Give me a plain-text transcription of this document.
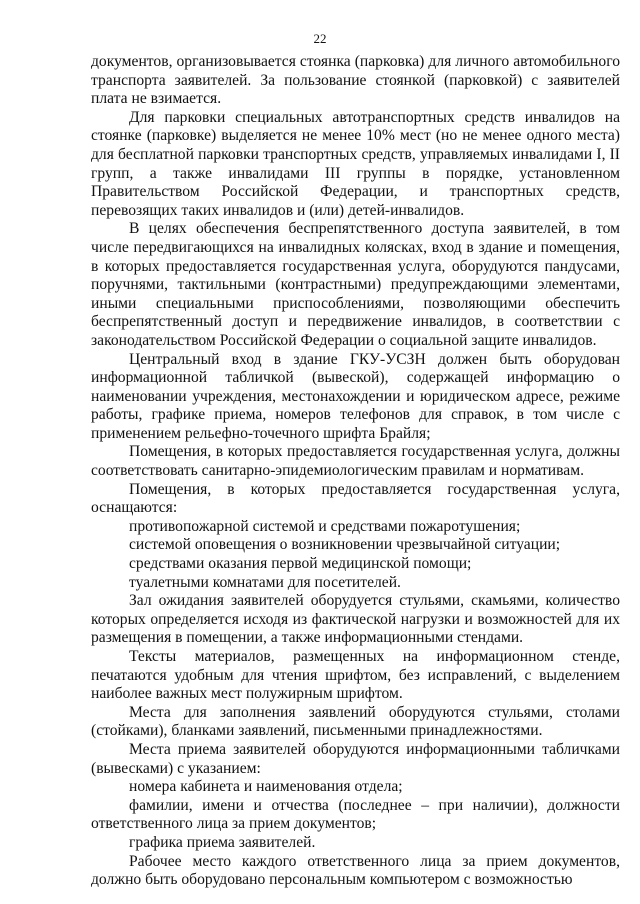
22

документов, организовывается стоянка (парковка) для личного автомобильного транспорта заявителей. За пользование стоянкой (парковкой) с заявителей плата не взимается.

Для парковки специальных автотранспортных средств инвалидов на стоянке (парковке) выделяется не менее 10% мест (но не менее одного места) для бесплатной парковки транспортных средств, управляемых инвалидами I, II групп, а также инвалидами III группы в порядке, установленном Правительством Российской Федерации, и транспортных средств, перевозящих таких инвалидов и (или) детей-инвалидов.

В целях обеспечения беспрепятственного доступа заявителей, в том числе передвигающихся на инвалидных колясках, вход в здание и помещения, в которых предоставляется государственная услуга, оборудуются пандусами, поручнями, тактильными (контрастными) предупреждающими элементами, иными специальными приспособлениями, позволяющими обеспечить беспрепятственный доступ и передвижение инвалидов, в соответствии с законодательством Российской Федерации о социальной защите инвалидов.

Центральный вход в здание ГКУ-УСЗН должен быть оборудован информационной табличкой (вывеской), содержащей информацию о наименовании учреждения, местонахождении и юридическом адресе, режиме работы, графике приема, номеров телефонов для справок, в том числе с применением рельефно-точечного шрифта Брайля;

Помещения, в которых предоставляется государственная услуга, должны соответствовать санитарно-эпидемиологическим правилам и нормативам.

Помещения, в которых предоставляется государственная услуга, оснащаются:

противопожарной системой и средствами пожаротушения;

системой оповещения о возникновении чрезвычайной ситуации;

средствами оказания первой медицинской помощи;

туалетными комнатами для посетителей.

Зал ожидания заявителей оборудуется стульями, скамьями, количество которых определяется исходя из фактической нагрузки и возможностей для их размещения в помещении, а также информационными стендами.

Тексты материалов, размещенных на информационном стенде, печатаются удобным для чтения шрифтом, без исправлений, с выделением наиболее важных мест полужирным шрифтом.

Места для заполнения заявлений оборудуются стульями, столами (стойками), бланками заявлений, письменными принадлежностями.

Места приема заявителей оборудуются информационными табличками (вывесками) с указанием:

номера кабинета и наименования отдела;

фамилии, имени и отчества (последнее – при наличии), должности ответственного лица за прием документов;

графика приема заявителей.

Рабочее место каждого ответственного лица за прием документов, должно быть оборудовано персональным компьютером с возможностью
